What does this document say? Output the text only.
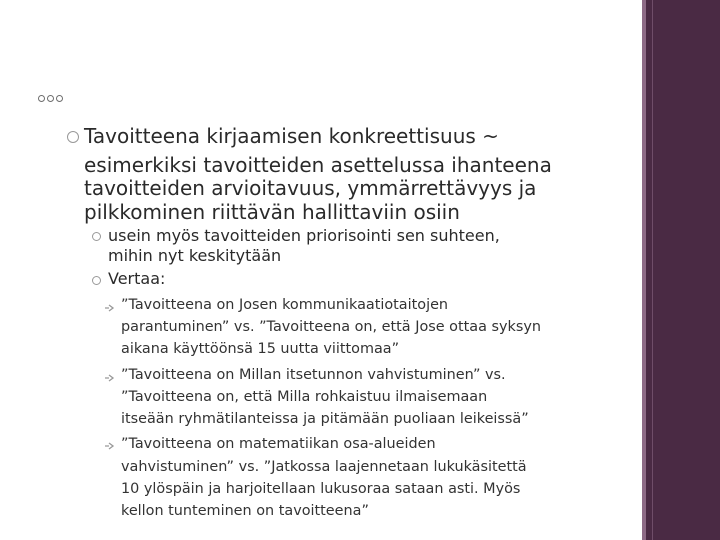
Tavoitteena kirjaamisen konkreettisuus ~
esimerkiksi tavoitteiden asettelussa ihanteena
tavoitteiden arvioitavuus, ymmärrettävyys ja
pilkkominen riittävän hallittaviin osiin
usein myös tavoitteiden priorisointi sen suhteen,
mihin nyt keskitytään
Vertaa:
”Tavoitteena on Josen kommunikaatiotaitojen
parantuminen” vs. ”Tavoitteena on, että Jose ottaa syksyn
aikana käyttöönsä 15 uutta viittomaa”
”Tavoitteena on Millan itsetunnon vahvistuminen” vs.
”Tavoitteena on, että Milla rohkaistuu ilmaisemaan
itseään ryhmätilanteissa ja pitämään puoliaan leikeissä”
”Tavoitteena on matematiikan osa-alueiden
vahvistuminen” vs. ”Jatkossa laajennetaan lukukäsitettä
10 ylöspäin ja harjoitellaan lukusoraa sataan asti. Myös
kellon tunteminen on tavoitteena”
